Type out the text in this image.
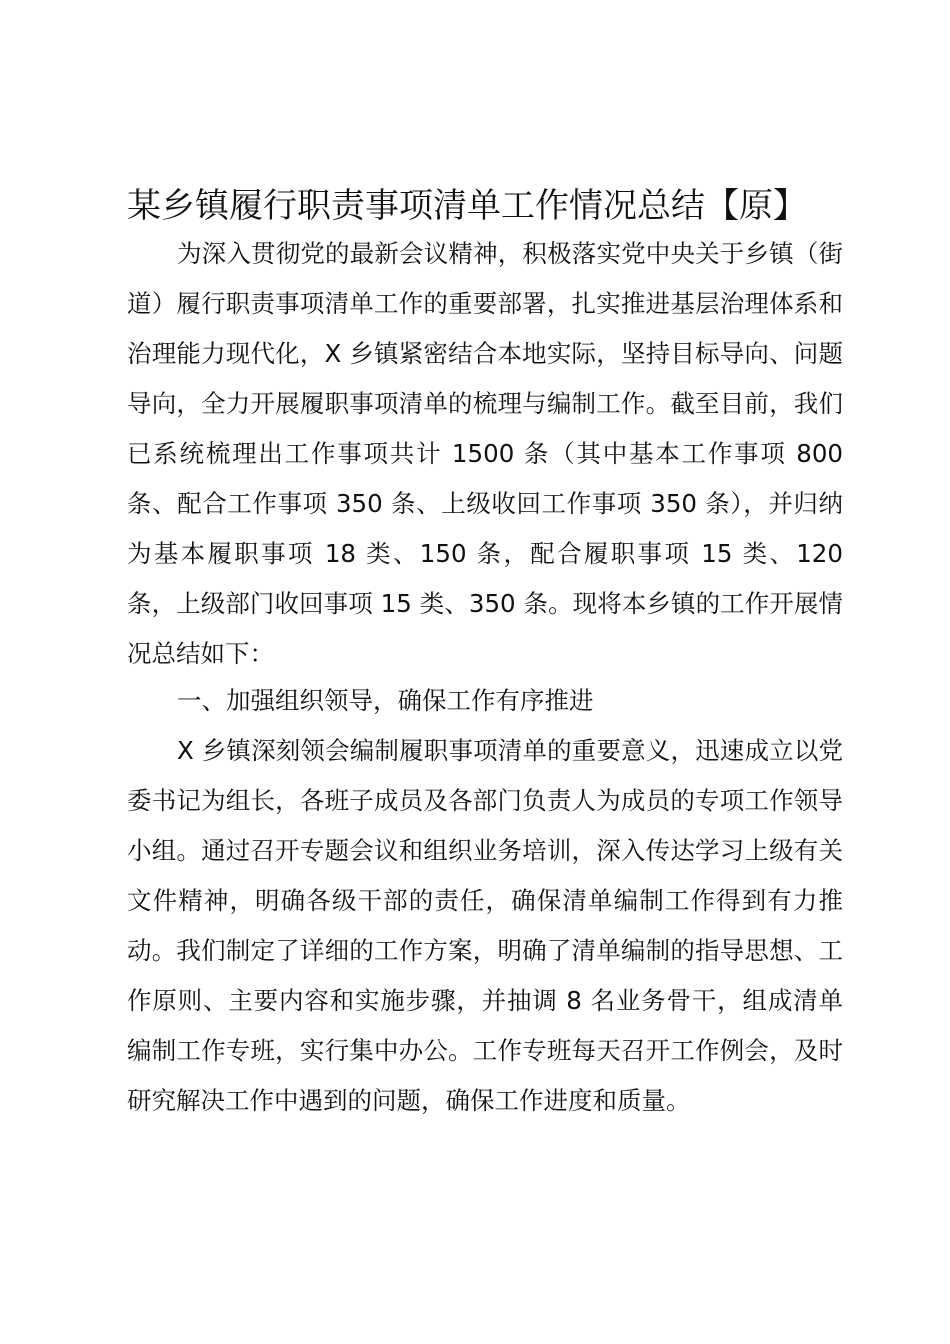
某乡镇履行职责事项清单工作情况总结【原】

为深入贯彻党的最新会议精神，积极落实党中央关于乡镇（街道）履行职责事项清单工作的重要部署，扎实推进基层治理体系和治理能力现代化，X 乡镇紧密结合本地实际，坚持目标导向、问题导向，全力开展履职事项清单的梳理与编制工作。截至目前，我们已系统梳理出工作事项共计 1500 条（其中基本工作事项 800 条、配合工作事项 350 条、上级收回工作事项 350 条），并归纳为基本履职事项 18 类、150 条，配合履职事项 15 类、120 条，上级部门收回事项 15 类、350 条。现将本乡镇的工作开展情况总结如下：

一、加强组织领导，确保工作有序推进

X 乡镇深刻领会编制履职事项清单的重要意义，迅速成立以党委书记为组长，各班子成员及各部门负责人为成员的专项工作领导小组。通过召开专题会议和组织业务培训，深入传达学习上级有关文件精神，明确各级干部的责任，确保清单编制工作得到有力推动。我们制定了详细的工作方案，明确了清单编制的指导思想、工作原则、主要内容和实施步骤，并抽调 8 名业务骨干，组成清单编制工作专班，实行集中办公。工作专班每天召开工作例会，及时研究解决工作中遇到的问题，确保工作进度和质量。
